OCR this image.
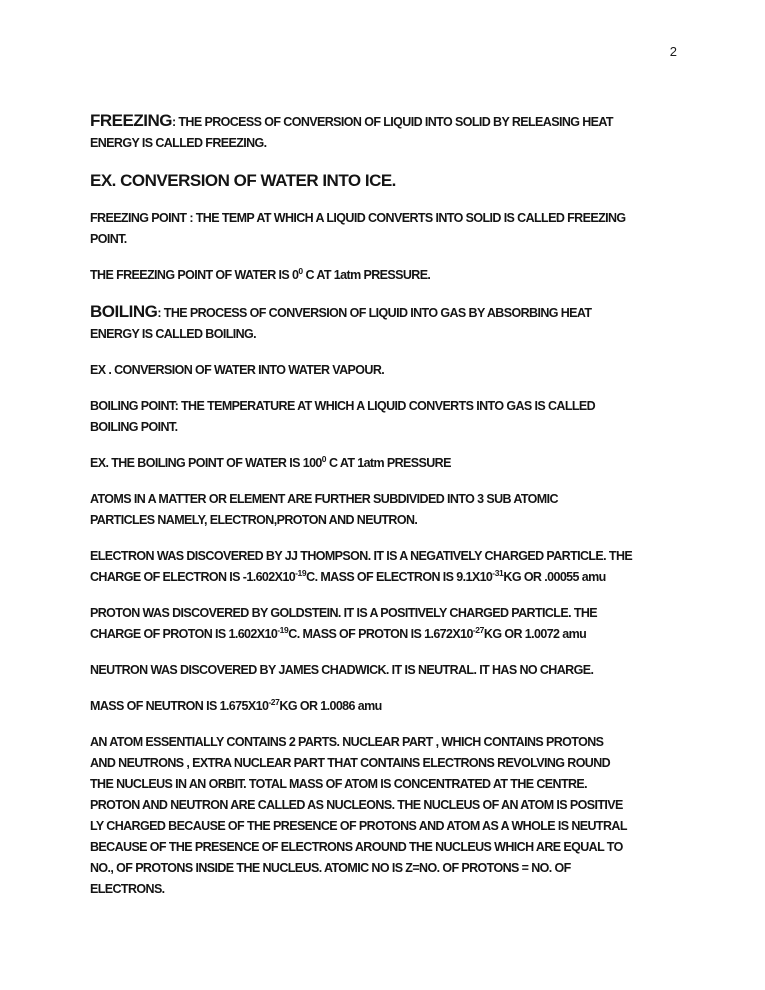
2

FREEZING: THE PROCESS OF CONVERSION OF LIQUID INTO SOLID BY RELEASING HEAT
ENERGY IS CALLED FREEZING.

EX. CONVERSION OF WATER INTO ICE.

FREEZING POINT : THE TEMP AT WHICH A LIQUID CONVERTS INTO SOLID IS CALLED FREEZING
POINT.

THE FREEZING POINT OF WATER IS $0^0$ C AT 1atm PRESSURE.

BOILING: THE PROCESS OF CONVERSION OF LIQUID INTO GAS BY ABSORBING HEAT
ENERGY IS CALLED BOILING.

EX . CONVERSION OF WATER INTO WATER VAPOUR.

BOILING POINT: THE TEMPERATURE AT WHICH A LIQUID CONVERTS INTO GAS IS CALLED
BOILING POINT.

EX. THE BOILING POINT OF WATER IS $100^0$ C AT 1atm PRESSURE

ATOMS IN A MATTER OR ELEMENT ARE FURTHER SUBDIVIDED INTO 3 SUB ATOMIC
PARTICLES NAMELY, ELECTRON,PROTON AND NEUTRON.

ELECTRON WAS DISCOVERED BY JJ THOMPSON. IT IS A NEGATIVELY CHARGED PARTICLE. THE
CHARGE OF ELECTRON IS $-1.602X10^{-19}C$. MASS OF ELECTRON IS $9.1X10^{-31}KG$ OR .00055 amu

PROTON WAS DISCOVERED BY GOLDSTEIN. IT IS A POSITIVELY CHARGED PARTICLE. THE
CHARGE OF PROTON IS $1.602X10^{-19}C$. MASS OF PROTON IS $1.672X10^{-27}KG$ OR 1.0072 amu

NEUTRON WAS DISCOVERED BY JAMES CHADWICK. IT IS NEUTRAL. IT HAS NO CHARGE.

MASS OF NEUTRON IS $1.675X10^{-27}KG$ OR 1.0086 amu

AN ATOM ESSENTIALLY CONTAINS 2 PARTS. NUCLEAR PART , WHICH CONTAINS PROTONS
AND NEUTRONS , EXTRA NUCLEAR PART THAT CONTAINS ELECTRONS REVOLVING ROUND
THE NUCLEUS IN AN ORBIT. TOTAL MASS OF ATOM IS CONCENTRATED AT THE CENTRE.
PROTON AND NEUTRON ARE CALLED AS NUCLEONS. THE NUCLEUS OF AN ATOM IS POSITIVE
LY CHARGED BECAUSE OF THE PRESENCE OF PROTONS AND ATOM AS A WHOLE IS NEUTRAL
BECAUSE OF THE PRESENCE OF ELECTRONS AROUND THE NUCLEUS WHICH ARE EQUAL TO
NO., OF PROTONS INSIDE THE NUCLEUS. ATOMIC NO IS Z=NO. OF PROTONS = NO. OF
ELECTRONS.
